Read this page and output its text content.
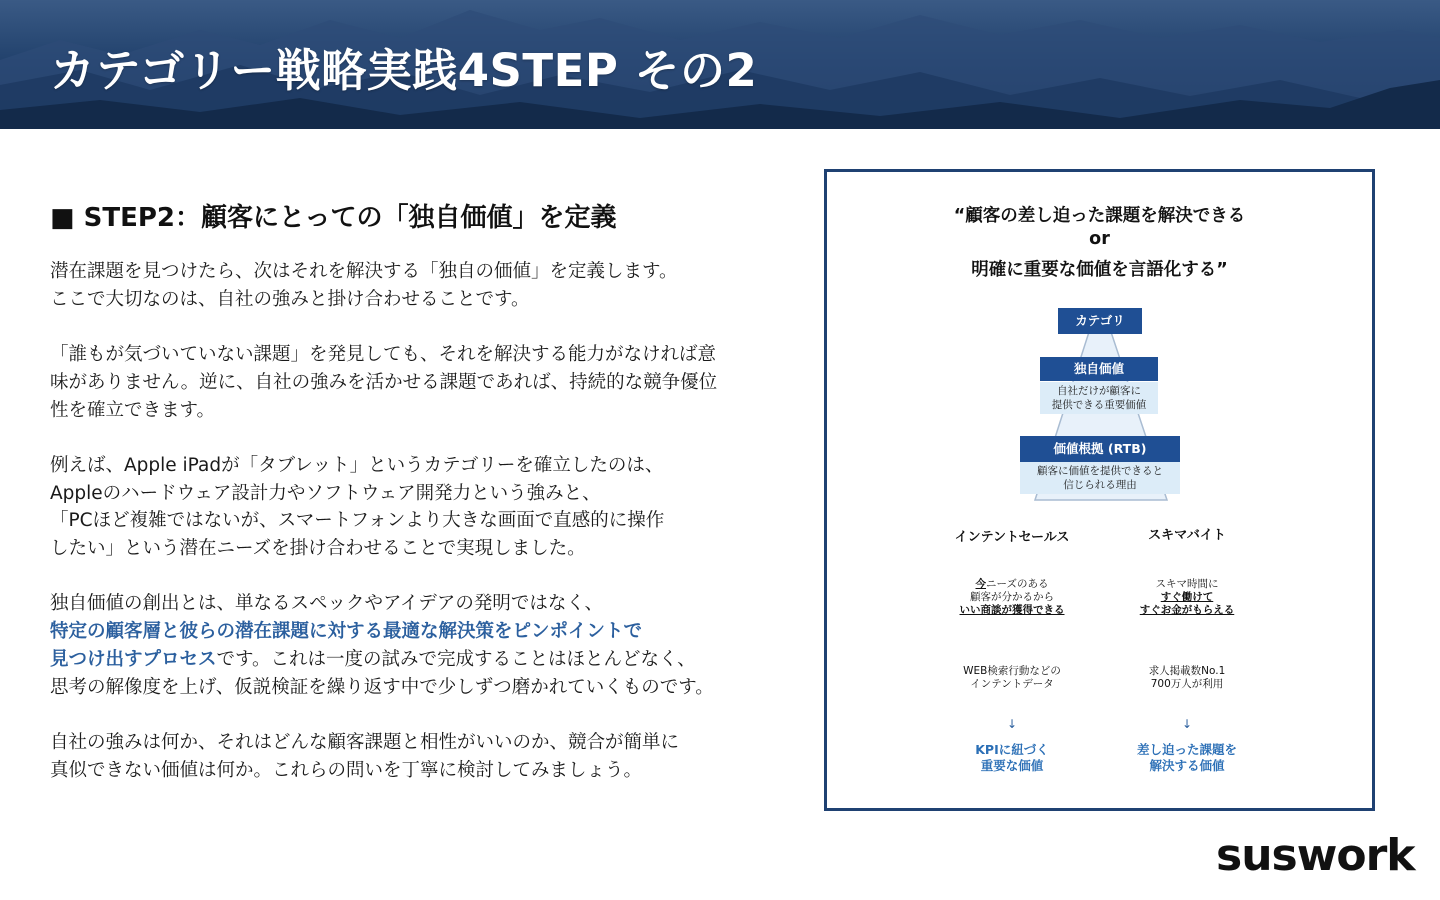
カテゴリー戦略実践4STEP その2
■ STEP2：顧客にとっての「独自価値」を定義

潜在課題を見つけたら、次はそれを解決する「独自の価値」を定義します。
ここで大切なのは、自社の強みと掛け合わせることです。

「誰もが気づいていない課題」を発見しても、それを解決する能力がなければ意
味がありません。逆に、自社の強みを活かせる課題であれば、持続的な競争優位
性を確立できます。

例えば、Apple iPadが「タブレット」というカテゴリーを確立したのは、
Appleのハードウェア設計力やソフトウェア開発力という強みと、
「PCほど複雑ではないが、スマートフォンより大きな画面で直感的に操作
したい」という潜在ニーズを掛け合わせることで実現しました。

独自価値の創出とは、単なるスペックやアイデアの発明ではなく、
特定の顧客層と彼らの潜在課題に対する最適な解決策をピンポイントで
見つけ出すプロセスです。これは一度の試みで完成することはほとんどなく、
思考の解像度を上げ、仮説検証を繰り返す中で少しずつ磨かれていくものです。

自社の強みは何か、それはどんな顧客課題と相性がいいのか、競合が簡単に
真似できない価値は何か。これらの問いを丁寧に検討してみましょう。

“顧客の差し迫った課題を解決できる
or
明確に重要な価値を言語化する”
カテゴリ
独自価値
自社だけが顧客に
提供できる重要価値
価値根拠 (RTB)
顧客に価値を提供できると
信じられる理由
インテントセールス
今ニーズのある
顧客が分かるから
いい商談が獲得できる
WEB検索行動などの
インテントデータ
↓
KPIに紐づく
重要な価値
スキマバイト
スキマ時間に
すぐ働けて
すぐお金がもらえる
求人掲載数No.1
700万人が利用
↓
差し迫った課題を
解決する価値
suswork
